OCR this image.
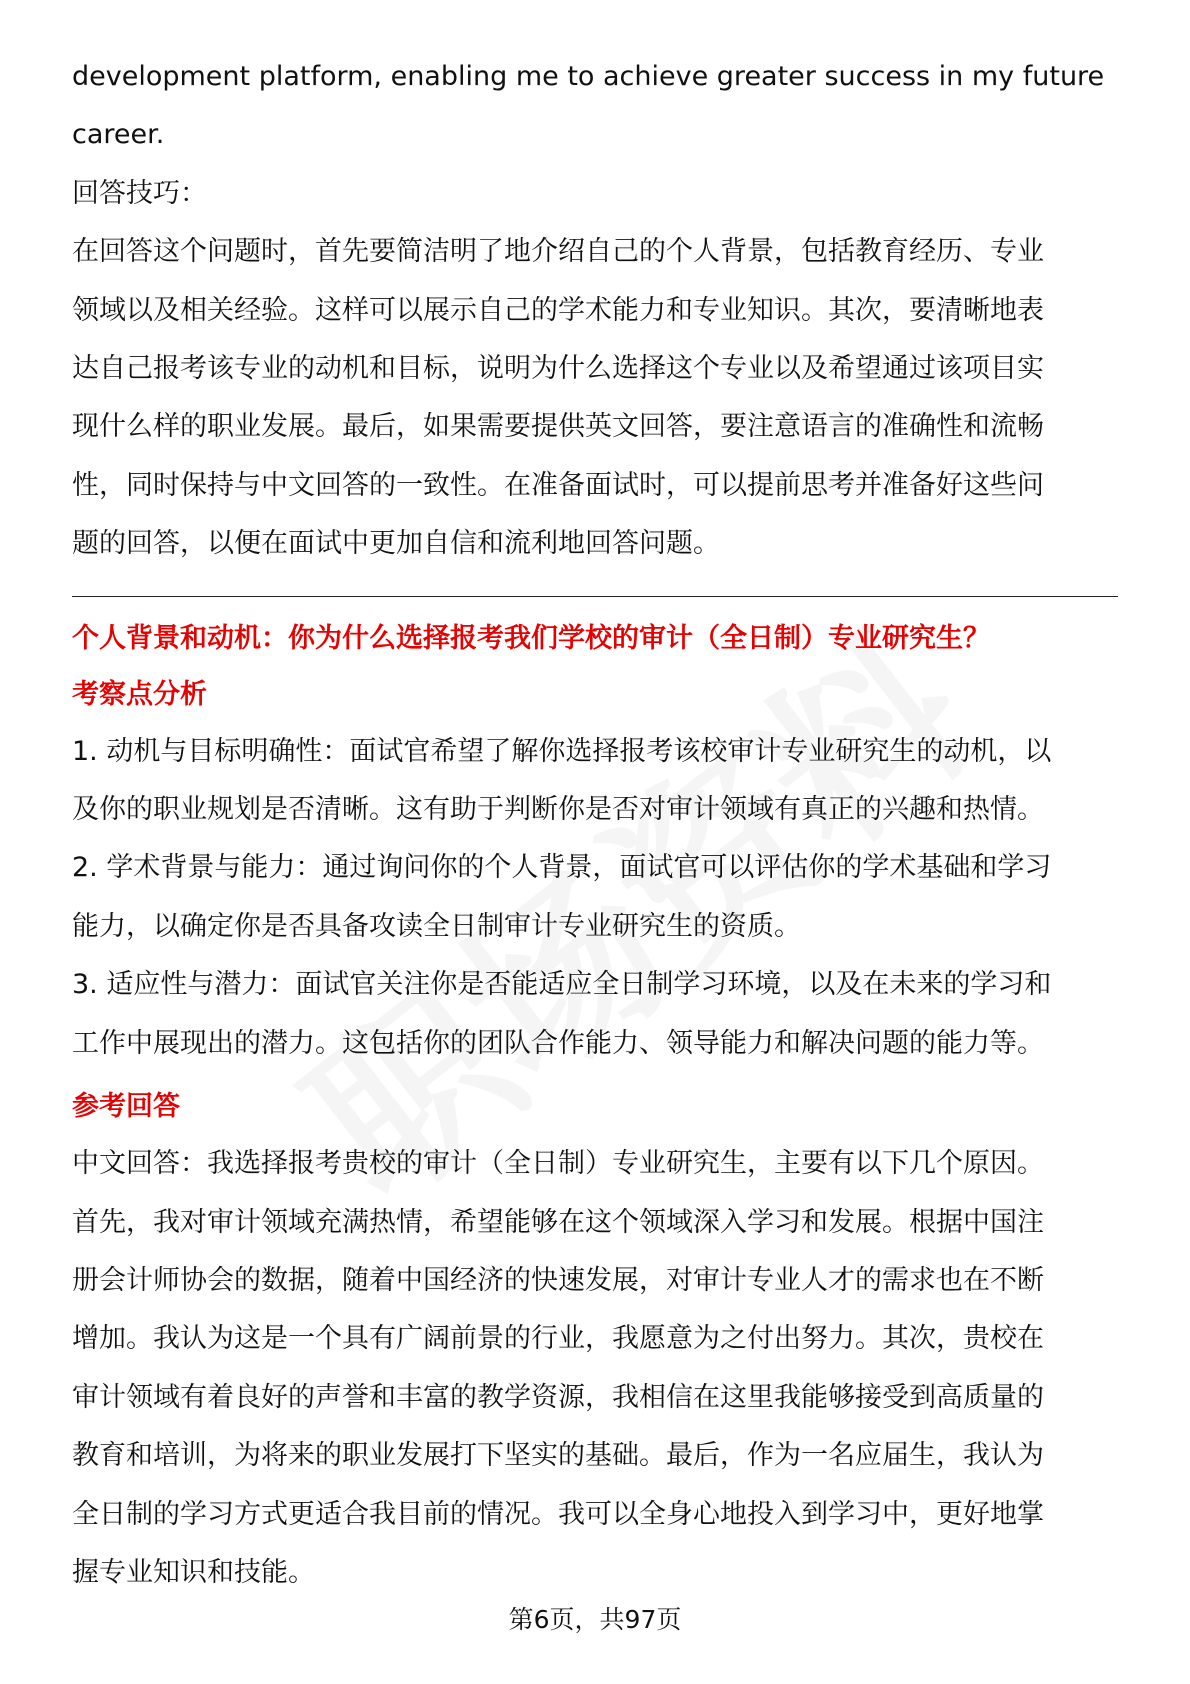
development platform, enabling me to achieve greater success in my future
career.

回答技巧：

在回答这个问题时，首先要简洁明了地介绍自己的个人背景，包括教育经历、专业
领域以及相关经验。这样可以展示自己的学术能力和专业知识。其次，要清晰地表
达自己报考该专业的动机和目标，说明为什么选择这个专业以及希望通过该项目实
现什么样的职业发展。最后，如果需要提供英文回答，要注意语言的准确性和流畅
性，同时保持与中文回答的一致性。在准备面试时，可以提前思考并准备好这些问
题的回答，以便在面试中更加自信和流利地回答问题。

个人背景和动机：你为什么选择报考我们学校的审计（全日制）专业研究生？

考察点分析

1. 动机与目标明确性：面试官希望了解你选择报考该校审计专业研究生的动机，以
及你的职业规划是否清晰。这有助于判断你是否对审计领域有真正的兴趣和热情。
2. 学术背景与能力：通过询问你的个人背景，面试官可以评估你的学术基础和学习
能力，以确定你是否具备攻读全日制审计专业研究生的资质。
3. 适应性与潜力：面试官关注你是否能适应全日制学习环境，以及在未来的学习和
工作中展现出的潜力。这包括你的团队合作能力、领导能力和解决问题的能力等。

参考回答

中文回答：我选择报考贵校的审计（全日制）专业研究生，主要有以下几个原因。
首先，我对审计领域充满热情，希望能够在这个领域深入学习和发展。根据中国注
册会计师协会的数据，随着中国经济的快速发展，对审计专业人才的需求也在不断
增加。我认为这是一个具有广阔前景的行业，我愿意为之付出努力。其次，贵校在
审计领域有着良好的声誉和丰富的教学资源，我相信在这里我能够接受到高质量的
教育和培训，为将来的职业发展打下坚实的基础。最后，作为一名应届生，我认为
全日制的学习方式更适合我目前的情况。我可以全身心地投入到学习中，更好地掌
握专业知识和技能。

第6页，共97页
